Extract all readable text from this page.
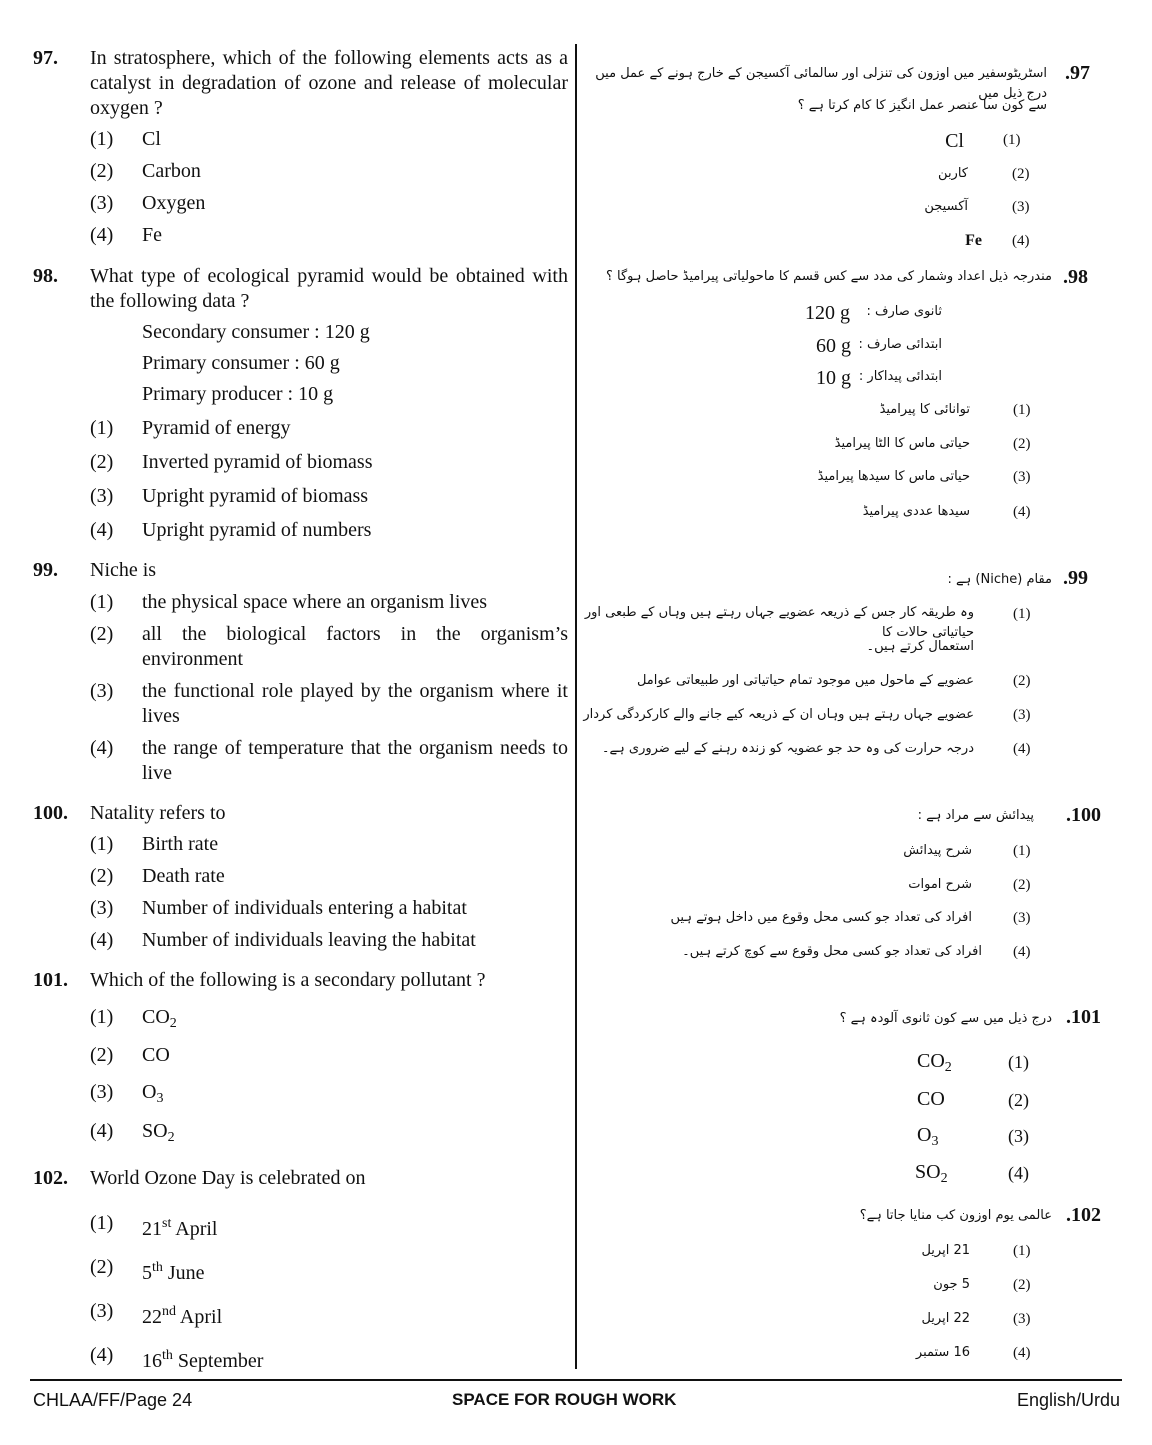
97.	In stratosphere, which of the following elements acts as a catalyst in degradation of ozone and release of molecular oxygen ?
(1) Cl
(2) Carbon
(3) Oxygen
(4) Fe
98.	What type of ecological pyramid would be obtained with the following data ?
Secondary consumer : 120 g
Primary consumer : 60 g
Primary producer : 10 g
(1) Pyramid of energy
(2) Inverted pyramid of biomass
(3) Upright pyramid of biomass
(4) Upright pyramid of numbers
99.	Niche is
(1) the physical space where an organism lives
(2) all the biological factors in the organism’s environment
(3) the functional role played by the organism where it lives
(4) the range of temperature that the organism needs to live
100.	Natality refers to
(1) Birth rate
(2) Death rate
(3) Number of individuals entering a habitat
(4) Number of individuals leaving the habitat
101.	Which of the following is a secondary pollutant ?
(1) $CO_2$
(2) CO
(3) $O_3$
(4) $SO_2$
102.	World Ozone Day is celebrated on
(1) 21st April
(2) 5th June
(3) 22nd April
(4) 16th September
.97
اسٹریٹوسفیر میں اوزون کی تنزلی اور سالمائی آکسیجن کے خارج ہونے کے عمل میں درج ذیل میں
سے کون سا عنصر عمل انگیز کا کام کرتا ہے ؟
(1)
Cl
(2)
کاربن
(3)
آکسیجن
(4)
Fe
.98
مندرجہ ذیل اعداد وشمار کی مدد سے کس قسم کا ماحولیاتی پیرامیڈ حاصل ہوگا ؟
ثانوی صارف :
120 g
ابتدائی صارف :
60 g
ابتدائی پیداکار :
10 g
(1)
توانائی کا پیرامیڈ
(2)
حیاتی ماس کا الٹا پیرامیڈ
(3)
حیاتی ماس کا سیدھا پیرامیڈ
(4)
سیدھا عددی پیرامیڈ
.99
مقام (Niche) ہے :
(1)
وہ طریقہ کار جس کے ذریعہ عضویے جہاں رہتے ہیں وہاں کے طبعی اور حیاتیاتی حالات کا
استعمال کرتے ہیں۔
(2)
عضویے کے ماحول میں موجود تمام حیاتیاتی اور طبیعاتی عوامل
(3)
عضویے جہاں رہتے ہیں وہاں ان کے ذریعہ کیے جانے والے کارکردگی کردار
(4)
درجہ حرارت کی وہ حد جو عضویہ کو زندہ رہنے کے لیے ضروری ہے۔
.100
پیدائش سے مراد ہے :
(1)
شرح پیدائش
(2)
شرح اموات
(3)
افراد کی تعداد جو کسی محل وقوع میں داخل ہوتے ہیں
(4)
افراد کی تعداد جو کسی محل وقوع سے کوچ کرتے ہیں۔
.101
درج ذیل میں سے کون ثانوی آلودہ ہے ؟
(1)
$CO_2$
(2)
CO
(3)
$O_3$
(4)
$SO_2$
.102
عالمی یوم اوزون کب منایا جاتا ہے؟
(1)
21 اپریل
(2)
5 جون
(3)
22 اپریل
(4)
16 ستمبر
CHLAA/FF/Page 24	SPACE FOR ROUGH WORK	English/Urdu
